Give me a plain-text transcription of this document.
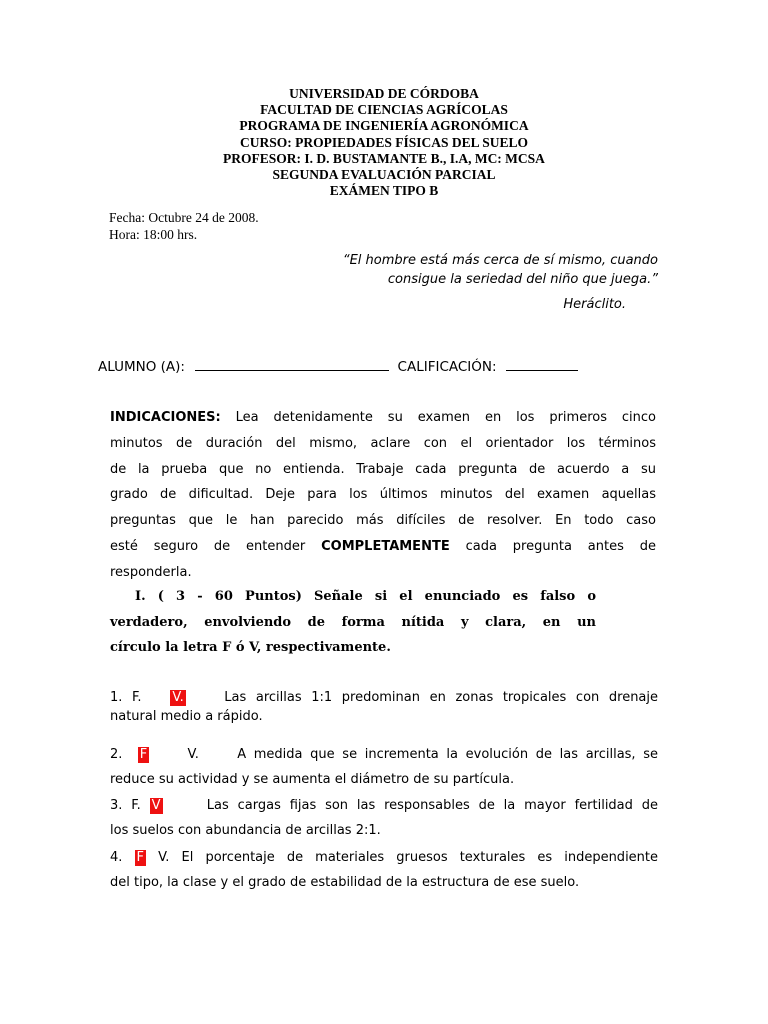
UNIVERSIDAD DE CÓRDOBA
FACULTAD DE CIENCIAS AGRÍCOLAS
PROGRAMA DE INGENIERÍA AGRONÓMICA
CURSO: PROPIEDADES FÍSICAS DEL SUELO
PROFESOR: I. D. BUSTAMANTE B., I.A, MC: MCSA
SEGUNDA EVALUACIÓN PARCIAL
EXÁMEN TIPO B
Fecha: Octubre 24 de 2008.
Hora: 18:00 hrs.
“El hombre está más cerca de sí mismo, cuando
consigue la seriedad del niño que juega.”
Heráclito.
ALUMNO (A):	CALIFICACIÓN:
INDICACIONES: Lea detenidamente su examen en los primeros cinco
minutos de duración del mismo, aclare con el orientador los términos
de la prueba que no entienda. Trabaje cada pregunta de acuerdo a su
grado de dificultad. Deje para los últimos minutos del examen aquellas
preguntas que le han parecido más difíciles de resolver. En todo caso
esté seguro de entender COMPLETAMENTE cada pregunta antes de
responderla.
I. ( 3 - 60 Puntos) Señale si el enunciado es falso o
verdadero, envolviendo de forma nítida y clara, en un
círculo la letra F ó V, respectivamente.
1. F. V.	Las arcillas 1:1 predominan en zonas tropicales con drenaje
natural medio a rápido.
2. F	V.	A medida que se incrementa la evolución de las arcillas, se
reduce su actividad y se aumenta el diámetro de su partícula.
3. F. V	Las cargas fijas son las responsables de la mayor fertilidad de
los suelos con abundancia de arcillas 2:1.
4. F V. El porcentaje de materiales gruesos texturales es independiente
del tipo, la clase y el grado de estabilidad de la estructura de ese suelo.
